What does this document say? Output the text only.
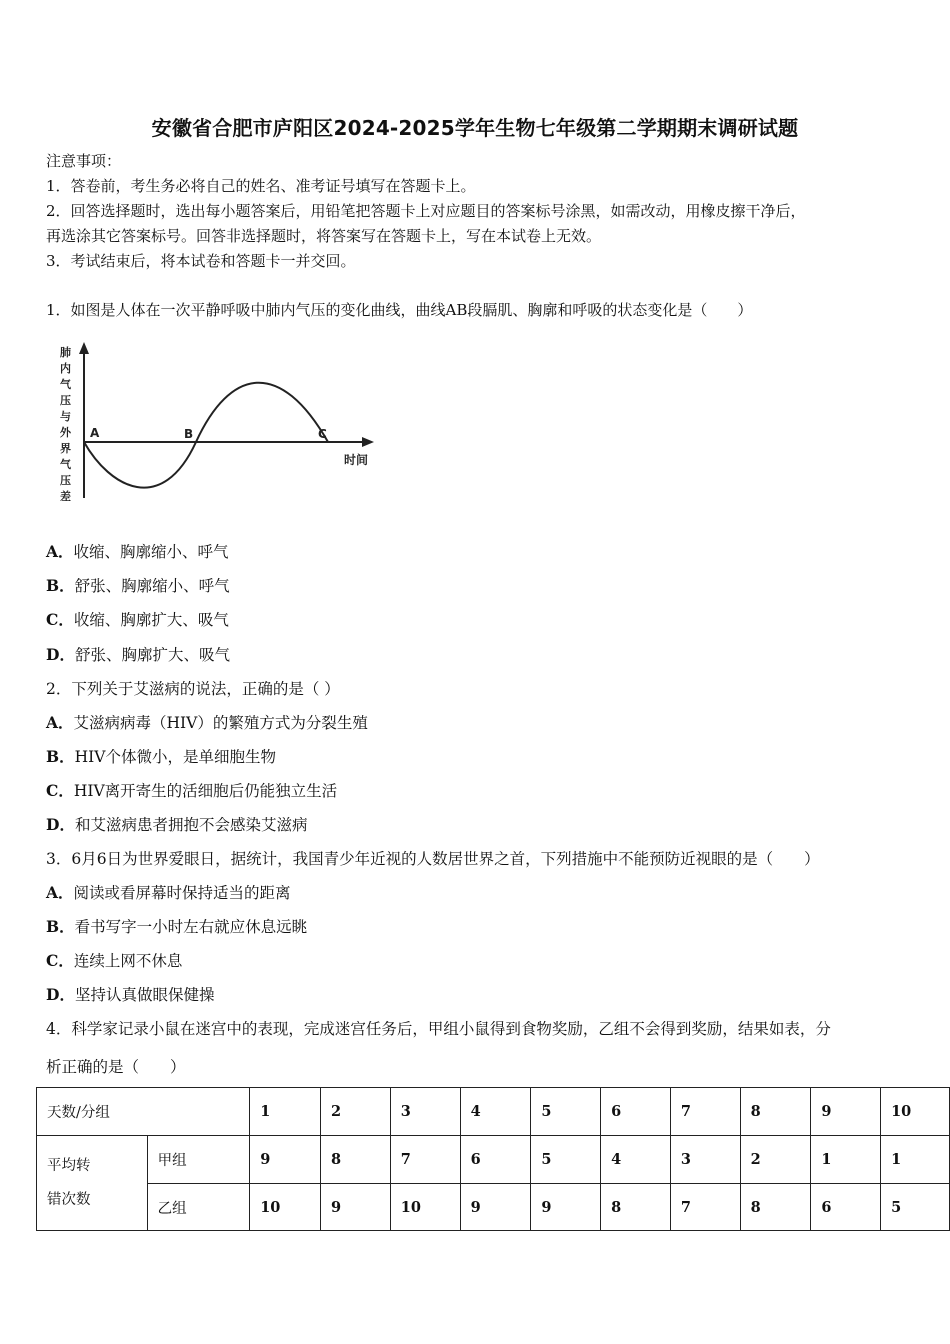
安徽省合肥市庐阳区2024-2025学年生物七年级第二学期期末调研试题
注意事项：
1．答卷前，考生务必将自己的姓名、准考证号填写在答题卡上。
2．回答选择题时，选出每小题答案后，用铅笔把答题卡上对应题目的答案标号涂黑，如需改动，用橡皮擦干净后，
再选涂其它答案标号。回答非选择题时，将答案写在答题卡上，写在本试卷上无效。
3．考试结束后，将本试卷和答题卡一并交回。
1．如图是人体在一次平静呼吸中肺内气压的变化曲线，曲线AB段膈肌、胸廓和呼吸的状态变化是（　　）
肺
内
气
压
与
外
界
气
压
差
A	B	C
时间
A．收缩、胸廓缩小、呼气
B．舒张、胸廓缩小、呼气
C．收缩、胸廓扩大、吸气
D．舒张、胸廓扩大、吸气
2．下列关于艾滋病的说法，正确的是（ ）
A．艾滋病病毒（HIV）的繁殖方式为分裂生殖
B．HIV个体微小，是单细胞生物
C．HIV离开寄生的活细胞后仍能独立生活
D．和艾滋病患者拥抱不会感染艾滋病
3．6月6日为世界爱眼日，据统计，我国青少年近视的人数居世界之首，下列措施中不能预防近视眼的是（　　）
A．阅读或看屏幕时保持适当的距离
B．看书写字一小时左右就应休息远眺
C．连续上网不休息
D．坚持认真做眼保健操
4．科学家记录小鼠在迷宫中的表现，完成迷宫任务后，甲组小鼠得到食物奖励，乙组不会得到奖励，结果如表，分
析正确的是（　　）
天数/分组		1	2	3	4	5	6	7	8	9	10

平均转
错次数	甲组	9	8	7	6	5	4	3	2	1	1
	乙组	10	9	10	9	9	8	7	8	6	5
